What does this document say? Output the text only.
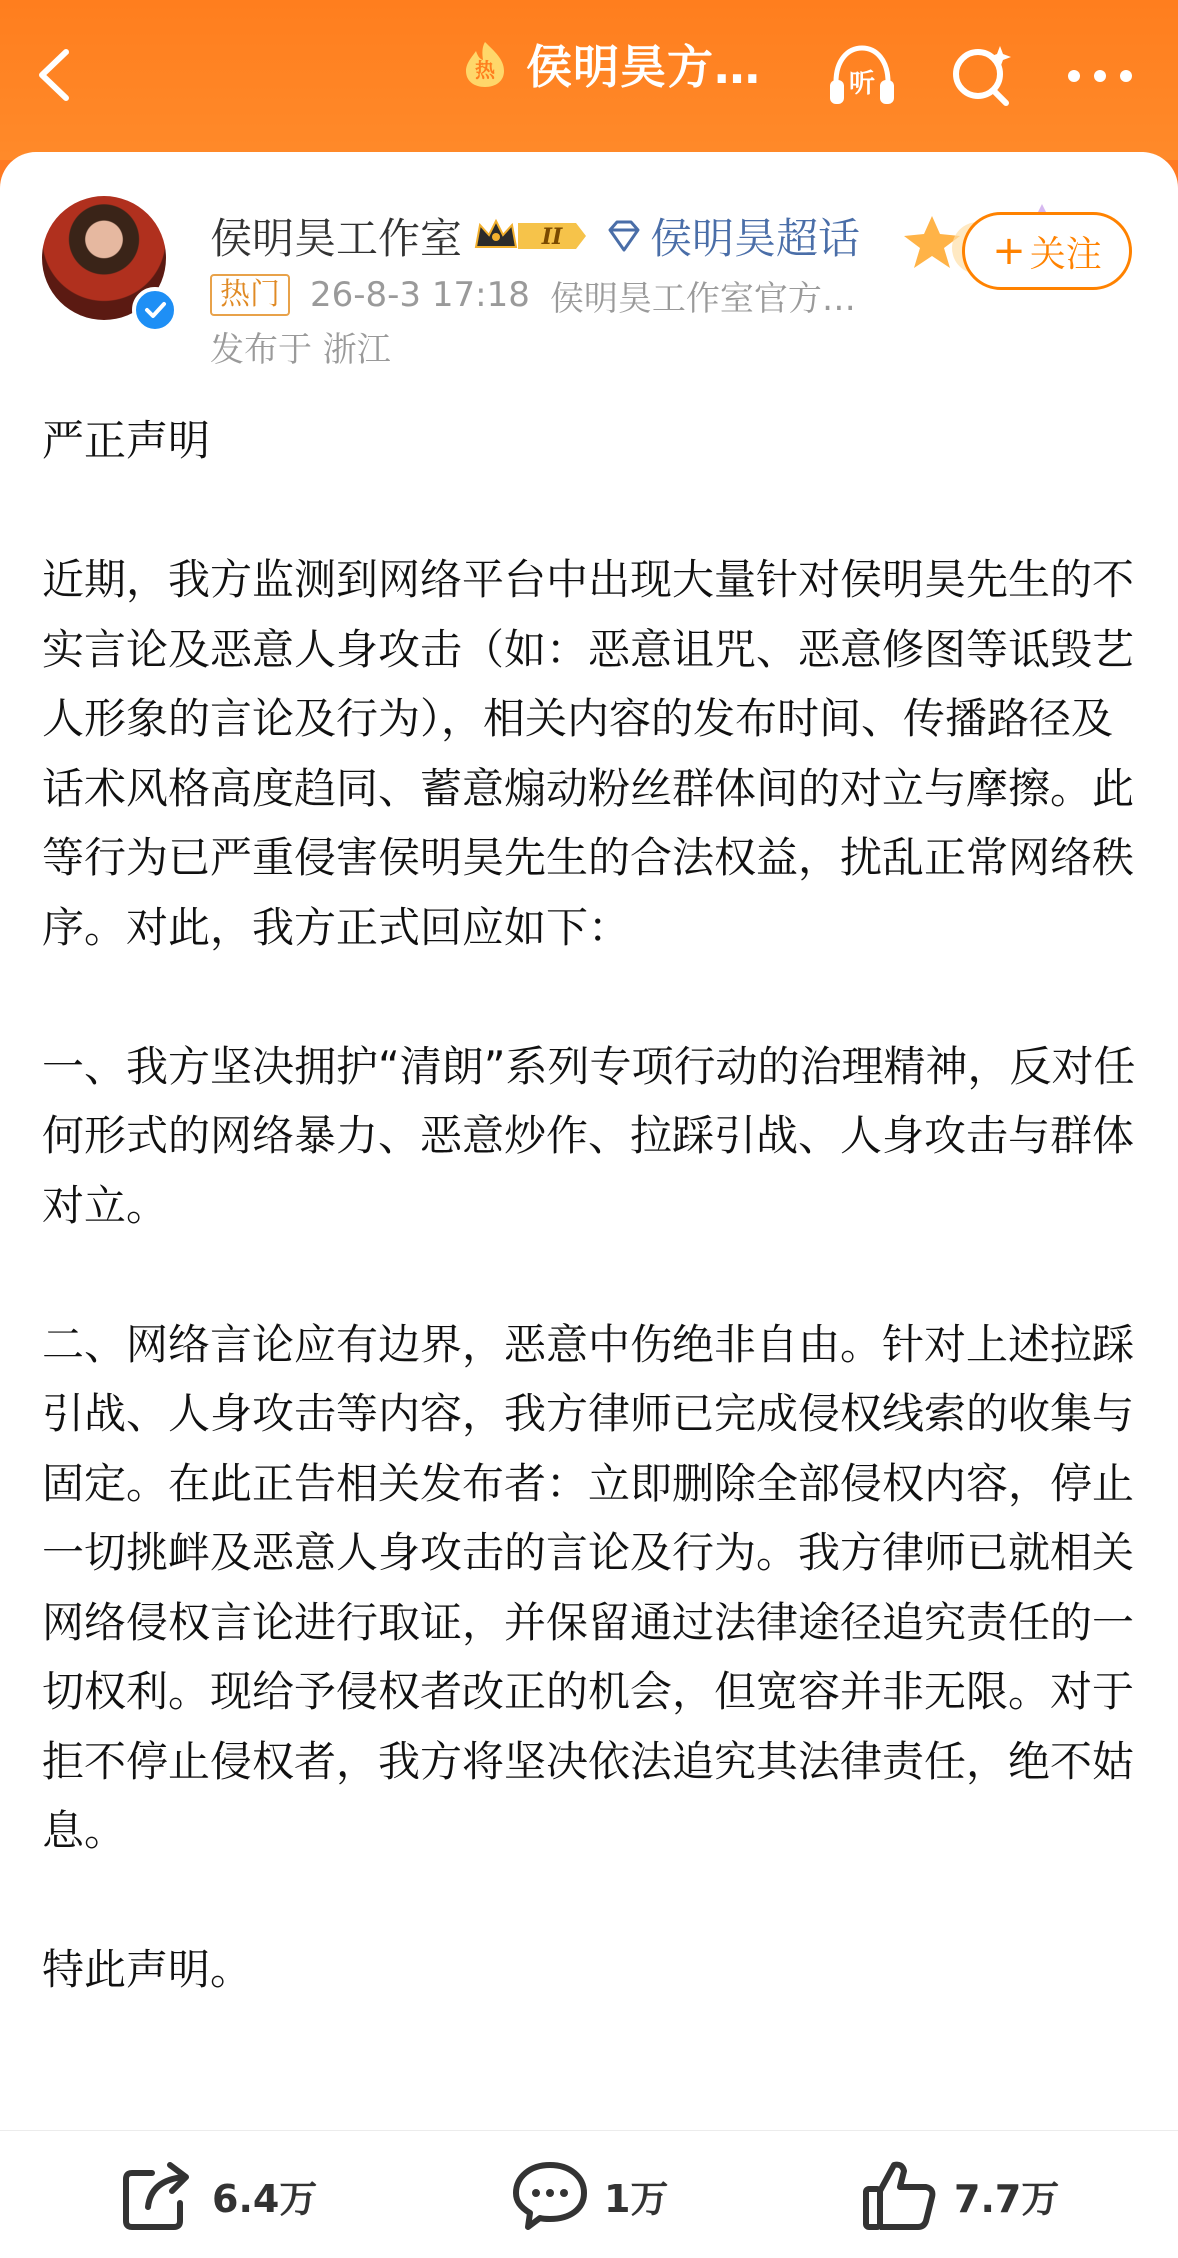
热 侯明昊方…	听
侯明昊工作室	II 侯明昊超话	+ 关注
热门 26-8-3 17:18 侯明昊工作室官方…
发布于 浙江

严正声明

近期，我方监测到网络平台中出现大量针对侯明昊先生的不实言论及恶意人身攻击（如：恶意诅咒、恶意修图等诋毁艺人形象的言论及行为），相关内容的发布时间、传播路径及话术风格高度趋同、蓄意煽动粉丝群体间的对立与摩擦。此等行为已严重侵害侯明昊先生的合法权益，扰乱正常网络秩序。对此，我方正式回应如下：

一、我方坚决拥护“清朗”系列专项行动的治理精神，反对任何形式的网络暴力、恶意炒作、拉踩引战、人身攻击与群体对立。

二、网络言论应有边界，恶意中伤绝非自由。针对上述拉踩引战、人身攻击等内容，我方律师已完成侵权线索的收集与固定。在此正告相关发布者：立即删除全部侵权内容，停止一切挑衅及恶意人身攻击的言论及行为。我方律师已就相关网络侵权言论进行取证，并保留通过法律途径追究责任的一切权利。现给予侵权者改正的机会，但宽容并非无限。对于拒不停止侵权者，我方将坚决依法追究其法律责任，绝不姑息。

特此声明。

6.4万	1万	7.7万
